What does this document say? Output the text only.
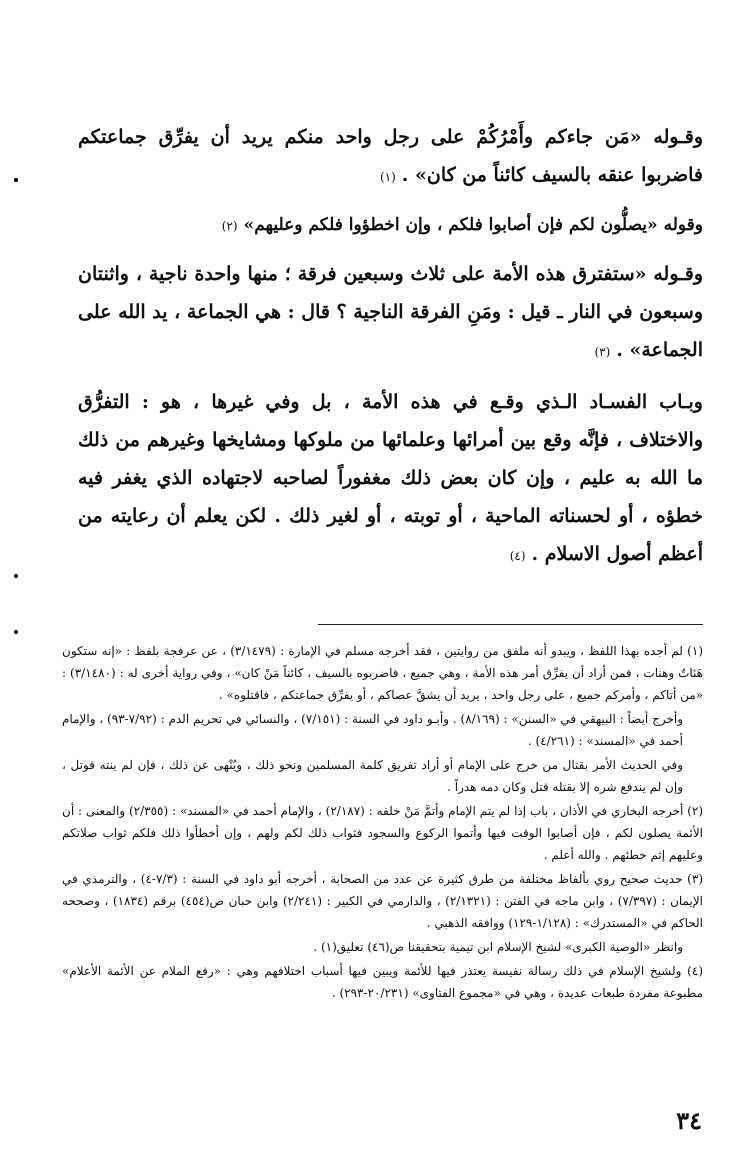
وقـوله «مَن جاءكم وأَمْرُكُمْ على رجل واحد منكم يريد أن يفرِّق جماعتكم فاضربوا عنقه بالسيف كائناً من كان» .(١)

وقوله «يصلُّون لكم فإن أصابوا فلكم ، وإن اخطؤوا فلكم وعليهم»(٢)

وقـوله «ستفترق هذه الأمة على ثلاث وسبعين فرقة ؛ منها واحدة ناجية ، واثنتان وسبعون في النار ـ قيل : ومَنِ الفرقة الناجية ؟ قال : هي الجماعة ، يد الله على الجماعة» .(٣)

وبـاب الفسـاد الـذي وقـع في هذه الأمة ، بل وفي غيرها ، هو : التفرُّق والاختلاف ، فإنَّه وقع بين أمرائها وعلمائها من ملوكها ومشايخها وغيرهم من ذلك ما الله به عليم ، وإن كان بعض ذلك مغفوراً لصاحبه لاجتهاده الذي يغفر فيه خطؤه ، أو لحسناته الماحية ، أو توبته ، أو لغير ذلك . لكن يعلم أن رعايته من أعظم أصول الاسلام .(٤)

(١) لم أجده بهذا اللفظ ، ويبدو أنه ملفق من روايتين ، فقد أخرجه مسلم في الإمارة : (٣/١٤٧٩) ، عن عرفجة بلفظ : «إنه ستكون هَنَاتٌ وهنات ، فمن أراد أن يفرِّق أمر هذه الأمة ، وهي جميع ، فاضربوه بالسيف ، كائناً مَنْ كان» ، وفي رواية أخرى له : (٣/١٤٨٠) : «من أتاكم ، وأمركم جميع ، على رجل واحد ، يريد أن يشقَّ عصاكم ، أو يفرِّق جماعتكم ، فاقتلوه» .

وأخرج أيضاً : البيهقي في «السنن» : (٨/١٦٩) . وأبـو داود في السنة : (٧/١٥١) ، والنسائي في تحريم الدم : (٧/٩٢-٩٣) ، والإمام أحمد في «المسند» : (٤/٢٦١) .

وفي الحديث الأمر بقتال من خرج على الإمام أو أراد تفريق كلمة المسلمين ونحو ذلك ، ويُنْهى عن ذلك ، فإن لم ينته قوتل ، وإن لم يندفع شره إلا بقتله قتل وكان دمه هدراً .

(٢) أخرجه البخاري في الأذان ، باب إذا لم يتم الإمام وأتمَّ مَنْ خلفه : (٢/١٨٧) ، والإمام أحمد في «المسند» : (٢/٣٥٥) والمعنى : أن الأئمة يصلون لكم ، فإن أصابوا الوقت فيها وأتموا الركوع والسجود فثواب ذلك لكم ولهم ، وإن أخطأوا ذلك فلكم ثواب صلاتكم وعليهم إثم خطئهم . والله أعلم .

(٣) حديث صحيح روي بألفاظ مختلفة من طرق كثيرة عن عدد من الصحابة ، أخرجه أبو داود في السنة : (٧/٣-٤) ، والترمذي في الإيمان : (٧/٣٩٧) ، وابن ماجه في الفتن : (٢/١٣٢١) ، والدارمي في الكبير : (٢/٢٤١) وابن حبان ص(٤٥٤) برقم (١٨٣٤) ، وصححه الحاكم في «المستدرك» : (١/١٢٨-١٢٩) ووافقه الذهبي .

وانظر «الوصية الكبرى» لشيخ الإسلام ابن تيمية بتحقيقنا ص(٤٦) تعليق(١) .

(٤) ولشيخ الإسلام في ذلك رسالة نفيسة يعتذر فيها للأئمة ويبين فيها أسباب اختلافهم وهي : «رفع الملام عن الأئمة الأعلام» مطبوعة مفردة طبعات عديدة ، وهي في «مجموع الفتاوى» (٢٠/٢٣١-٢٩٣) .

٣٤
